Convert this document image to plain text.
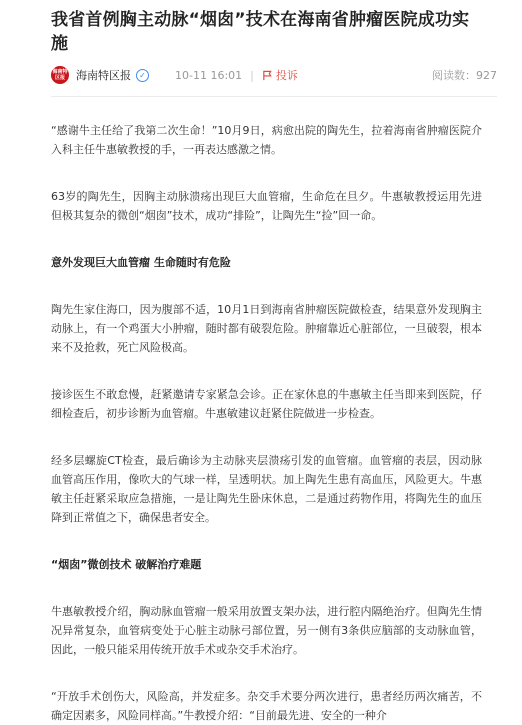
我省首例胸主动脉“烟囱”技术在海南省肿瘤医院成功实施
海南特区报	海南特区报	✓	10-11 16:01 | 投诉	阅读数：927

“感谢牛主任给了我第二次生命！”10月9日，病愈出院的陶先生，拉着海南省肿瘤医院介入科主任牛惠敏教授的手，一再表达感激之情。

63岁的陶先生，因胸主动脉溃疡出现巨大血管瘤，生命危在旦夕。牛惠敏教授运用先进但极其复杂的微创“烟囱”技术，成功“排险”，让陶先生“捡”回一命。

意外发现巨大血管瘤 生命随时有危险

陶先生家住海口，因为腹部不适，10月1日到海南省肿瘤医院做检查，结果意外发现胸主动脉上，有一个鸡蛋大小肿瘤，随时都有破裂危险。肿瘤靠近心脏部位，一旦破裂，根本来不及抢救，死亡风险极高。

接诊医生不敢怠慢，赶紧邀请专家紧急会诊。正在家休息的牛惠敏主任当即来到医院，仔细检查后，初步诊断为血管瘤。牛惠敏建议赶紧住院做进一步检查。

经多层螺旋CT检查，最后确诊为主动脉夹层溃疡引发的血管瘤。血管瘤的表层，因动脉血管高压作用，像吹大的气球一样，呈透明状。加上陶先生患有高血压，风险更大。牛惠敏主任赶紧采取应急措施，一是让陶先生卧床休息，二是通过药物作用，将陶先生的血压降到正常值之下，确保患者安全。

“烟囱”微创技术 破解治疗难题

牛惠敏教授介绍，胸动脉血管瘤一般采用放置支架办法，进行腔内隔绝治疗。但陶先生情况异常复杂，血管病变处于心脏主动脉弓部位置，另一侧有3条供应脑部的支动脉血管，因此，一般只能采用传统开放手术或杂交手术治疗。

“开放手术创伤大，风险高，并发症多。杂交手术要分两次进行，患者经历两次痛苦，不确定因素多，风险同样高。”牛教授介绍：“目前最先进、安全的一种介
